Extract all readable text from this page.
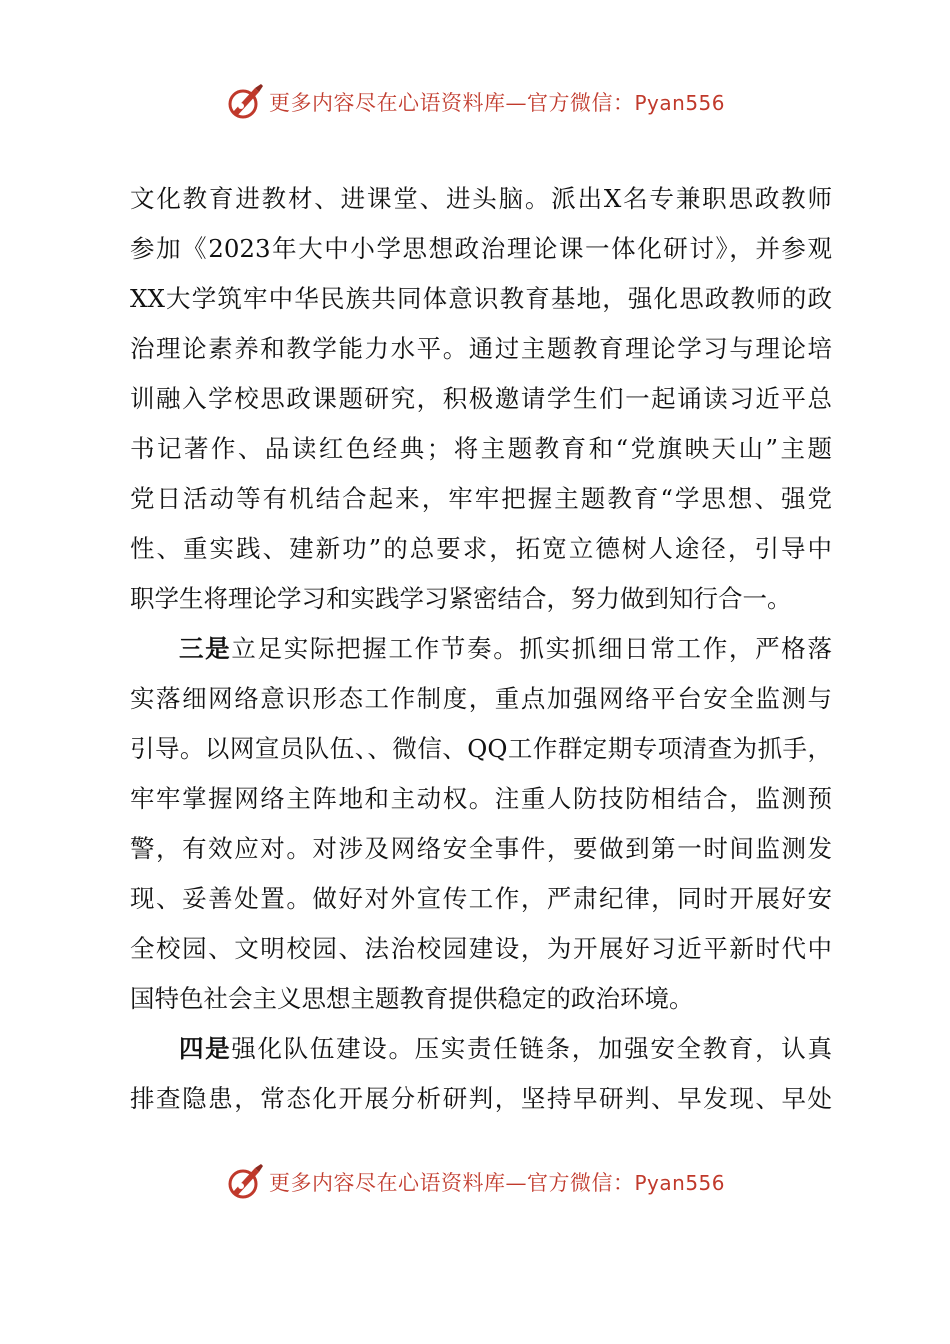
更多内容尽在心语资料库—官方微信：Pyan556
文化教育进教材、进课堂、进头脑。派出X名专兼职思政教师
参加《2023年大中小学思想政治理论课一体化研讨》，并参观
XX大学筑牢中华民族共同体意识教育基地，强化思政教师的政
治理论素养和教学能力水平。通过主题教育理论学习与理论培
训融入学校思政课题研究，积极邀请学生们一起诵读习近平总
书记著作、品读红色经典；将主题教育和“党旗映天山”主题
党日活动等有机结合起来，牢牢把握主题教育“学思想、强党
性、重实践、建新功”的总要求，拓宽立德树人途径，引导中
职学生将理论学习和实践学习紧密结合，努力做到知行合一。
三是立足实际把握工作节奏。抓实抓细日常工作，严格落
实落细网络意识形态工作制度，重点加强网络平台安全监测与
引导。以网宣员队伍、、微信、QQ工作群定期专项清查为抓手，
牢牢掌握网络主阵地和主动权。注重人防技防相结合，监测预
警，有效应对。对涉及网络安全事件，要做到第一时间监测发
现、妥善处置。做好对外宣传工作，严肃纪律，同时开展好安
全校园、文明校园、法治校园建设，为开展好习近平新时代中
国特色社会主义思想主题教育提供稳定的政治环境。
四是强化队伍建设。压实责任链条，加强安全教育，认真
排查隐患，常态化开展分析研判，坚持早研判、早发现、早处
更多内容尽在心语资料库—官方微信：Pyan556
